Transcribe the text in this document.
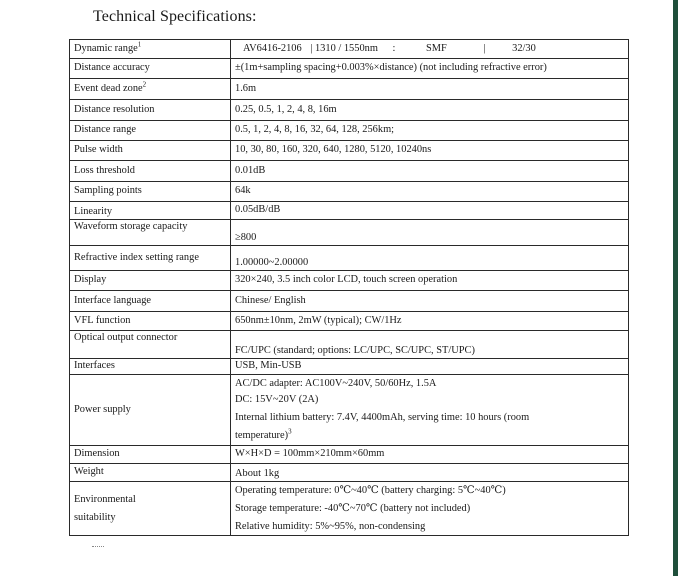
Technical Specifications:
Dynamic range$^1$	AV6416-2106 | 1310 / 1550nm : SMF | 32/30
Distance accuracy	±(1m+sampling spacing+0.003%×distance) (not including refractive error)
Event dead zone$^2$	1.6m
Distance resolution	0.25, 0.5, 1, 2, 4, 8, 16m
Distance range	0.5, 1, 2, 4, 8, 16, 32, 64, 128, 256km;
Pulse width	10, 30, 80, 160, 320, 640, 1280, 5120, 10240ns
Loss threshold	0.01dB
Sampling points	64k
Linearity	0.05dB/dB
Waveform storage capacity	≥800
Refractive index setting range	1.00000~2.00000
Display	320×240, 3.5 inch color LCD, touch screen operation
Interface language	Chinese/ English
VFL function	650nm±10nm, 2mW (typical); CW/1Hz
Optical output connector	FC/UPC (standard; options: LC/UPC, SC/UPC, ST/UPC)
Interfaces	USB, Min-USB
Power supply	AC/DC adapter: AC100V~240V, 50/60Hz, 1.5A
DC: 15V~20V (2A)
Internal lithium battery: 7.4V, 4400mAh, serving time: 10 hours (room
temperature)$^3$

Dimension	W×H×D = 100mm×210mm×60mm
Weight	About 1kg

Environmental
suitability	Operating temperature: 0℃~40℃ (battery charging: 5℃~40℃)
Storage temperature: -40℃~70℃ (battery not included)
Relative humidity: 5%~95%, non-condensing
